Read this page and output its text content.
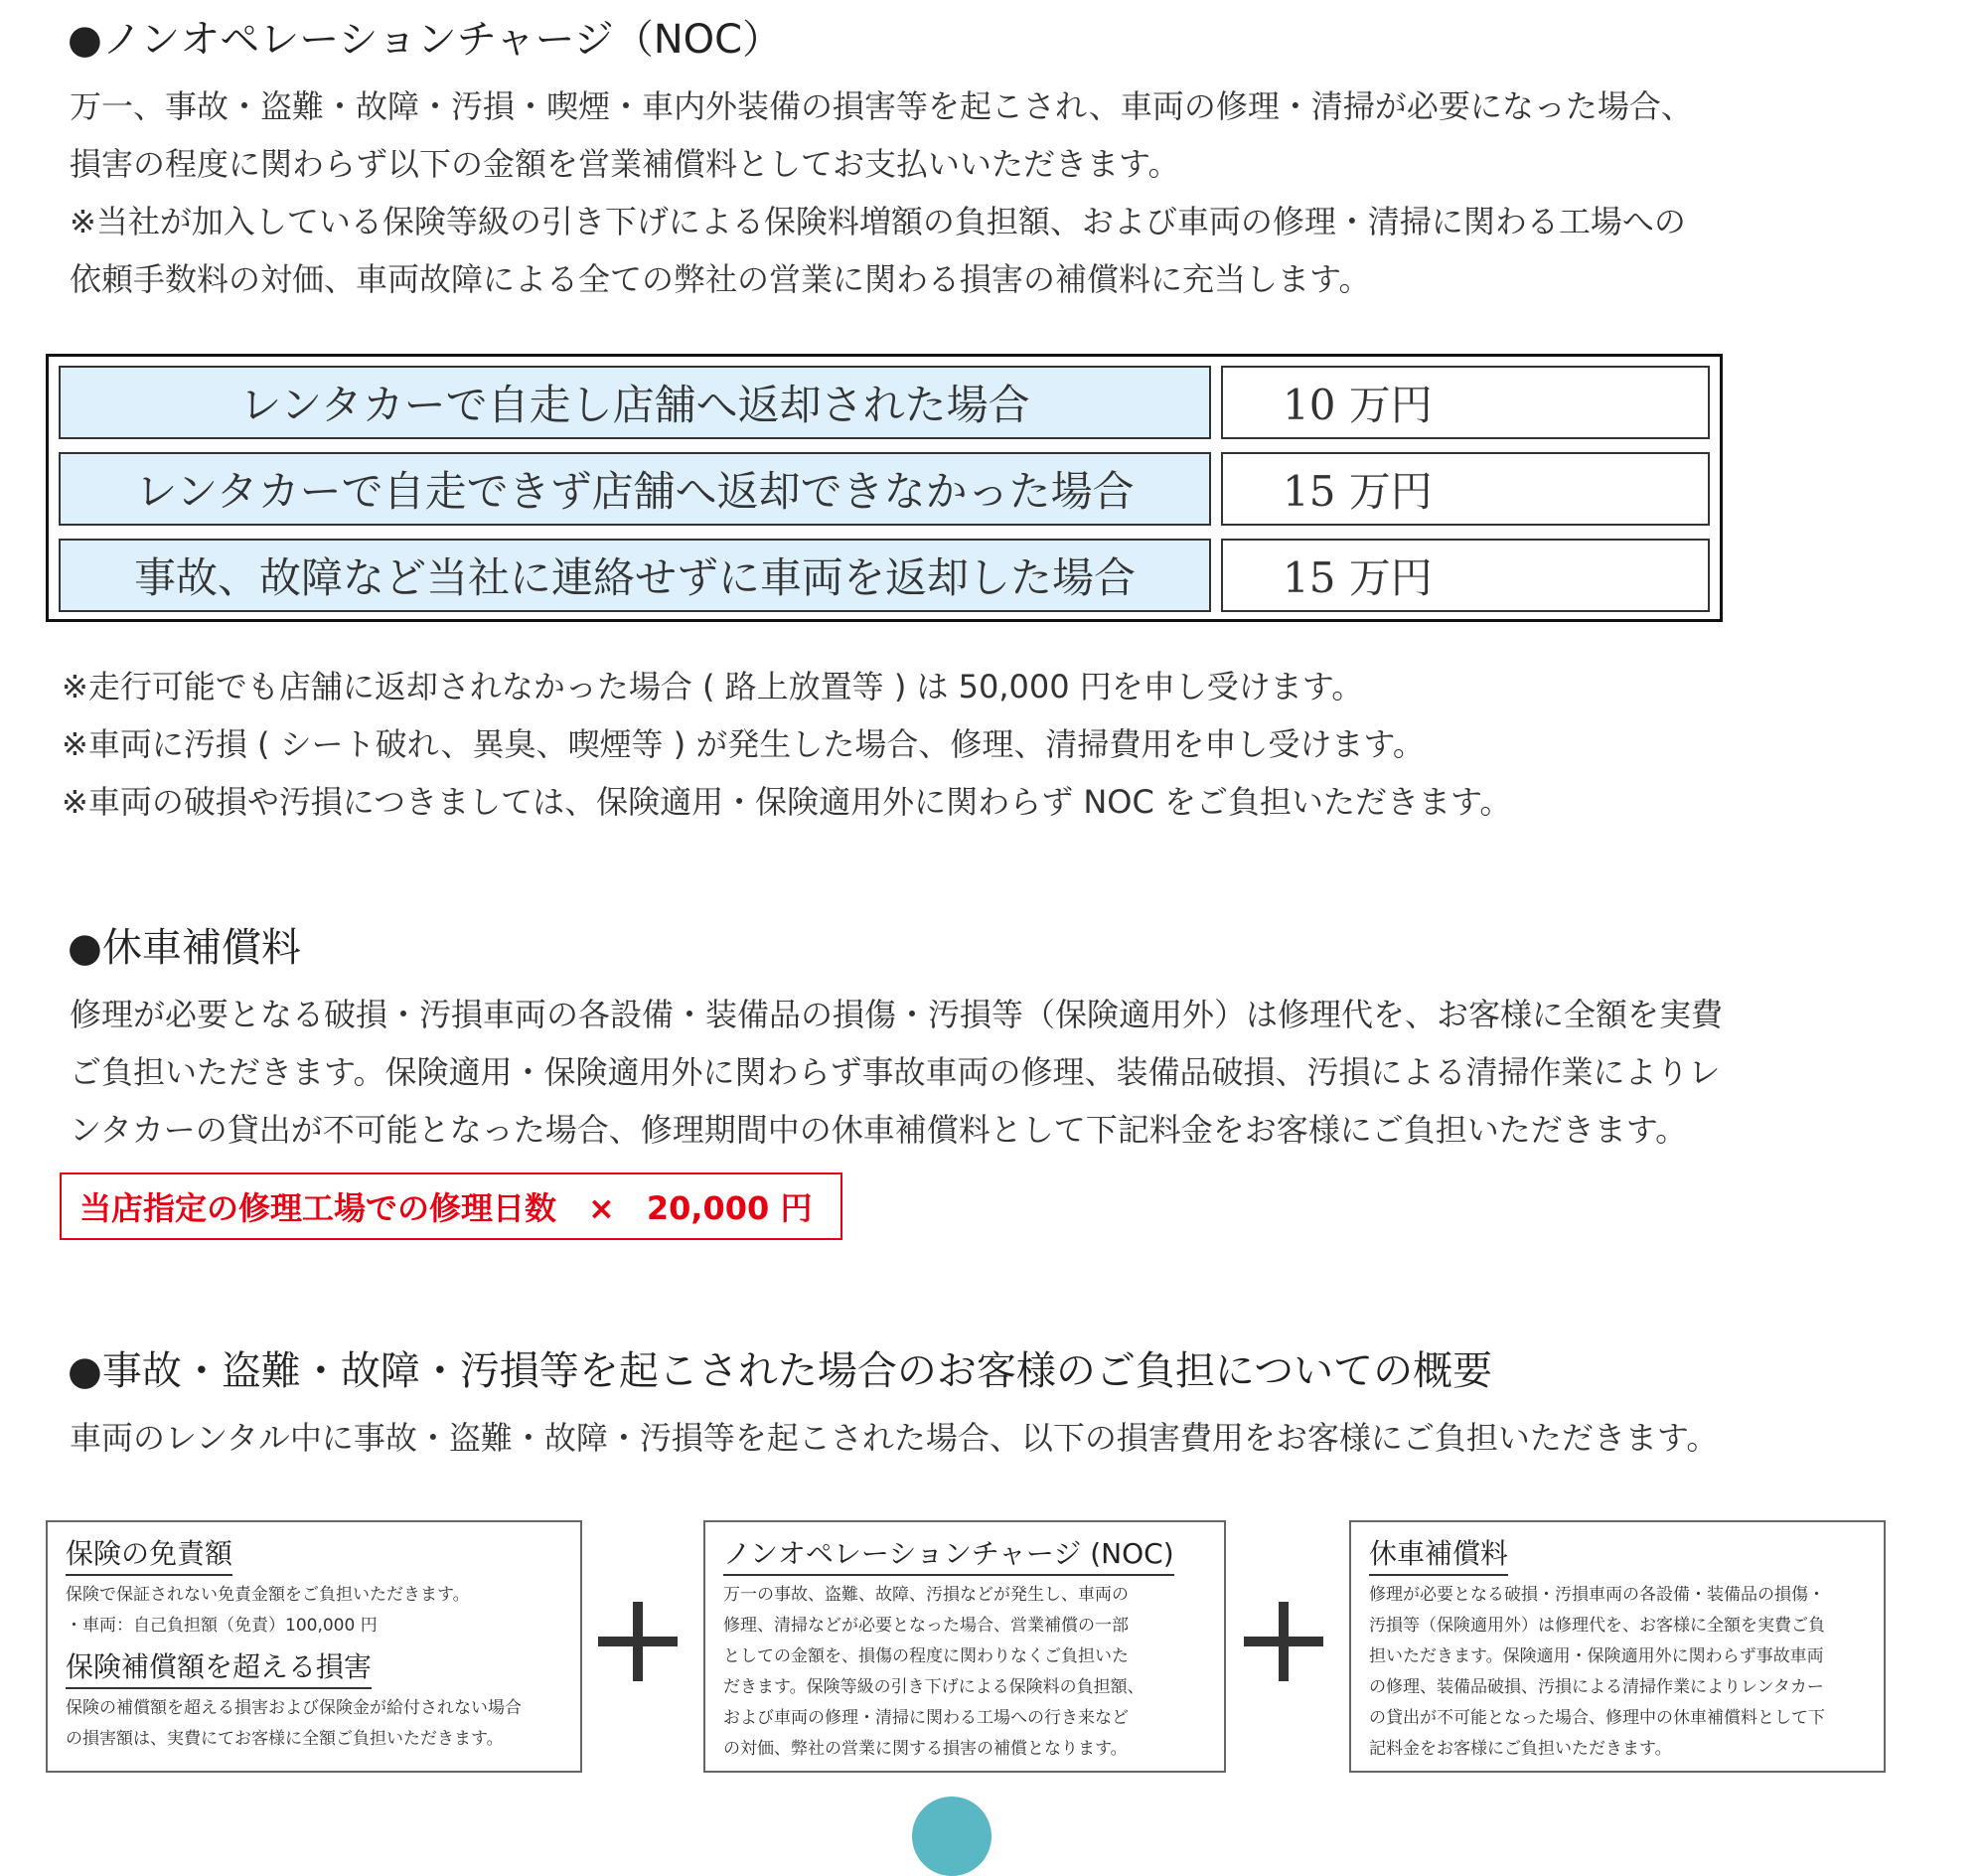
●ノンオペレーションチャージ（NOC）
万一、事故・盗難・故障・汚損・喫煙・車内外装備の損害等を起こされ、車両の修理・清掃が必要になった場合、
損害の程度に関わらず以下の金額を営業補償料としてお支払いいただきます。
※当社が加入している保険等級の引き下げによる保険料増額の負担額、および車両の修理・清掃に関わる工場への
依頼手数料の対価、車両故障による全ての弊社の営業に関わる損害の補償料に充当します。
レンタカーで自走し店舗へ返却された場合	10 万円
レンタカーで自走できず店舗へ返却できなかった場合	15 万円
事故、故障など当社に連絡せずに車両を返却した場合	15 万円
※走行可能でも店舗に返却されなかった場合 ( 路上放置等 ) は 50,000 円を申し受けます。
※車両に汚損 ( シート破れ、異臭、喫煙等 ) が発生した場合、修理、清掃費用を申し受けます。
※車両の破損や汚損につきましては、保険適用・保険適用外に関わらず NOC をご負担いただきます。
●休車補償料
修理が必要となる破損・汚損車両の各設備・装備品の損傷・汚損等（保険適用外）は修理代を、お客様に全額を実費
ご負担いただきます。保険適用・保険適用外に関わらず事故車両の修理、装備品破損、汚損による清掃作業によりレ
ンタカーの貸出が不可能となった場合、修理期間中の休車補償料として下記料金をお客様にご負担いただきます。
当店指定の修理工場での修理日数　×　20,000 円
●事故・盗難・故障・汚損等を起こされた場合のお客様のご負担についての概要
車両のレンタル中に事故・盗難・故障・汚損等を起こされた場合、以下の損害費用をお客様にご負担いただきます。
保険の免責額
保険で保証されない免責金額をご負担いただきます。
・車両：自己負担額（免責）100,000 円
保険補償額を超える損害
保険の補償額を超える損害および保険金が給付されない場合
の損害額は、実費にてお客様に全額ご負担いただきます。
ノンオペレーションチャージ (NOC)
万一の事故、盗難、故障、汚損などが発生し、車両の
修理、清掃などが必要となった場合、営業補償の一部
としての金額を、損傷の程度に関わりなくご負担いた
だきます。保険等級の引き下げによる保険料の負担額、
および車両の修理・清掃に関わる工場への行き来など
の対価、弊社の営業に関する損害の補償となります。
休車補償料
修理が必要となる破損・汚損車両の各設備・装備品の損傷・
汚損等（保険適用外）は修理代を、お客様に全額を実費ご負
担いただきます。保険適用・保険適用外に関わらず事故車両
の修理、装備品破損、汚損による清掃作業によりレンタカー
の貸出が不可能となった場合、修理中の休車補償料として下
記料金をお客様にご負担いただきます。
